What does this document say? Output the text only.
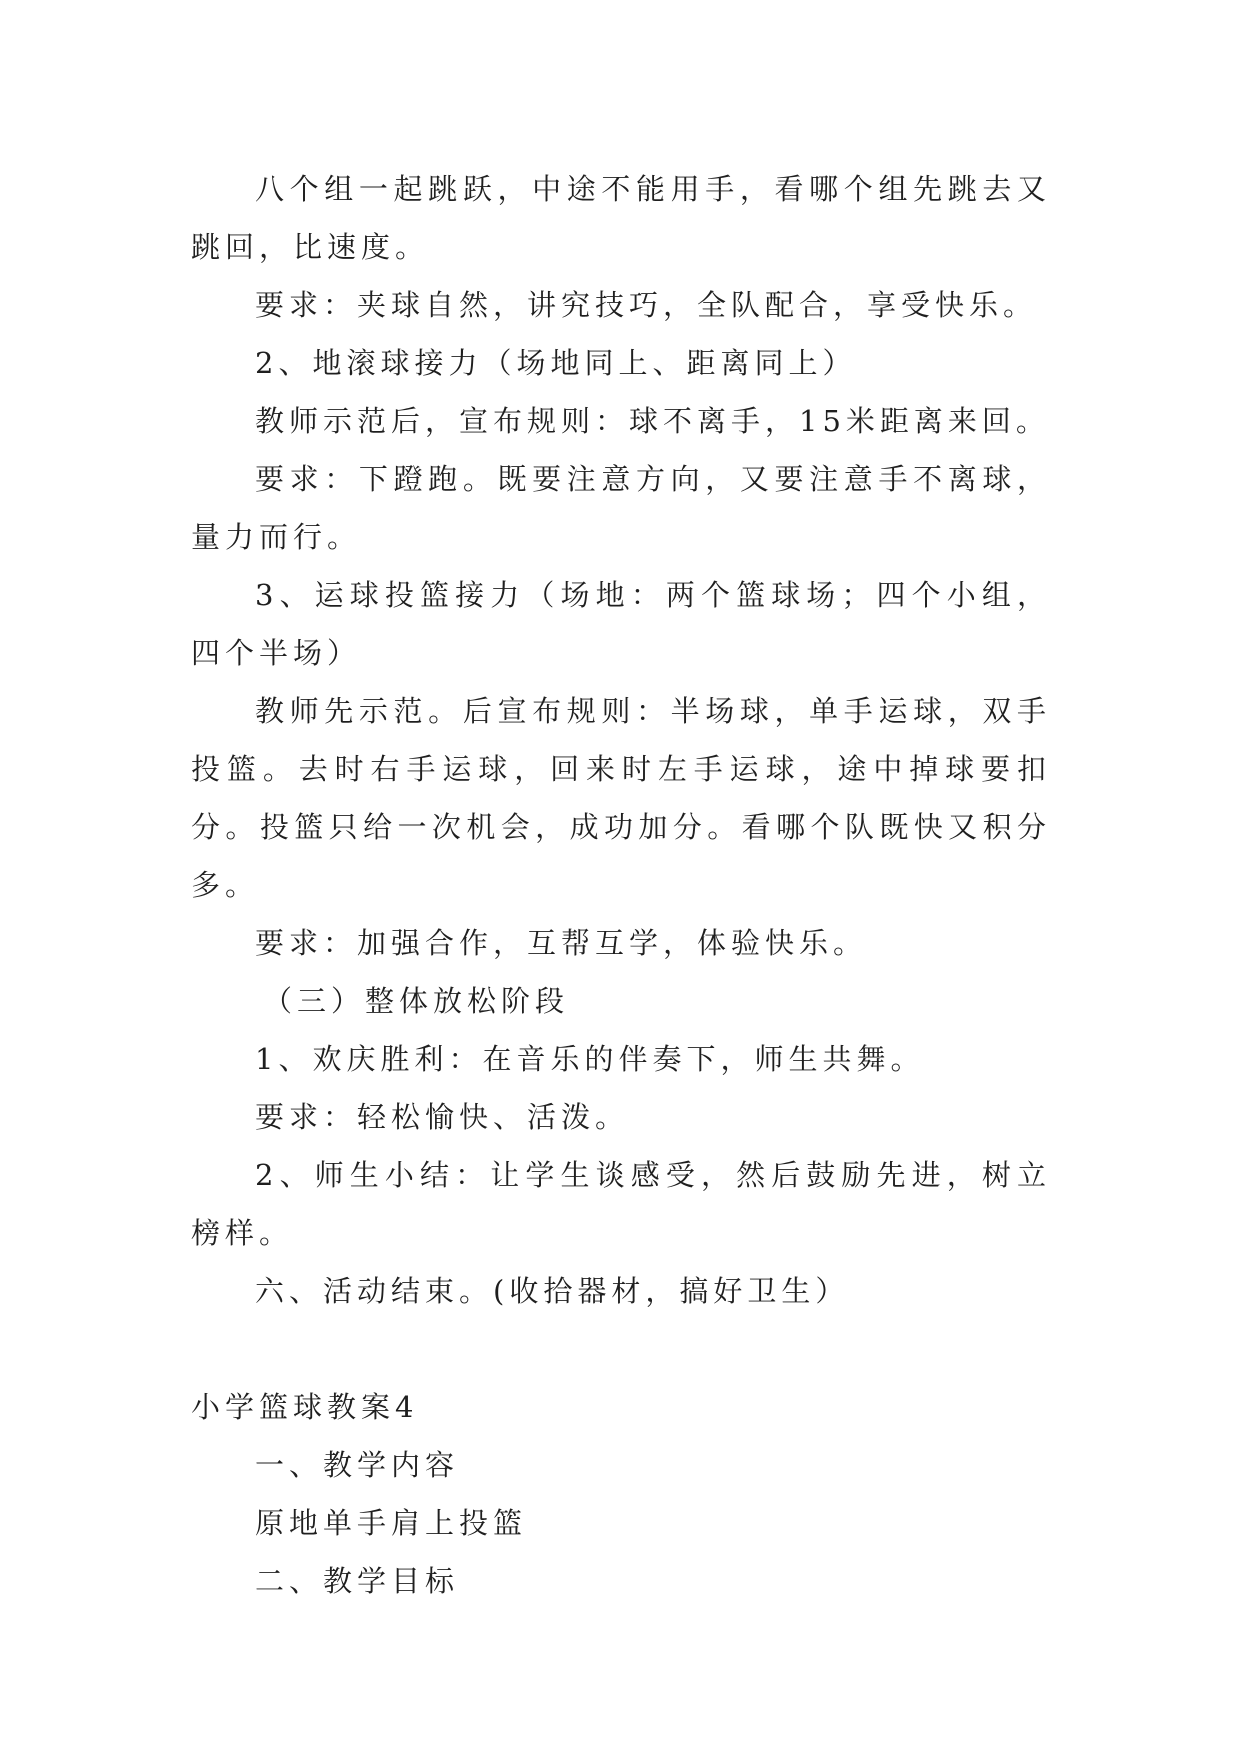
八个组一起跳跃，中途不能用手，看哪个组先跳去又跳回，比速度。

要求：夹球自然，讲究技巧，全队配合，享受快乐。

2、地滚球接力（场地同上、距离同上）

教师示范后，宣布规则：球不离手，15米距离来回。

要求：下蹬跑。既要注意方向，又要注意手不离球，量力而行。

3、运球投篮接力（场地：两个篮球场；四个小组，四个半场）

教师先示范。后宣布规则：半场球，单手运球，双手投篮。去时右手运球，回来时左手运球，途中掉球要扣分。投篮只给一次机会，成功加分。看哪个队既快又积分多。

要求：加强合作，互帮互学，体验快乐。

（三）整体放松阶段

1、欢庆胜利：在音乐的伴奏下，师生共舞。

要求：轻松愉快、活泼。

2、师生小结：让学生谈感受，然后鼓励先进，树立榜样。

六、活动结束。(收拾器材，搞好卫生）

小学篮球教案4

一、教学内容

原地单手肩上投篮

二、教学目标
